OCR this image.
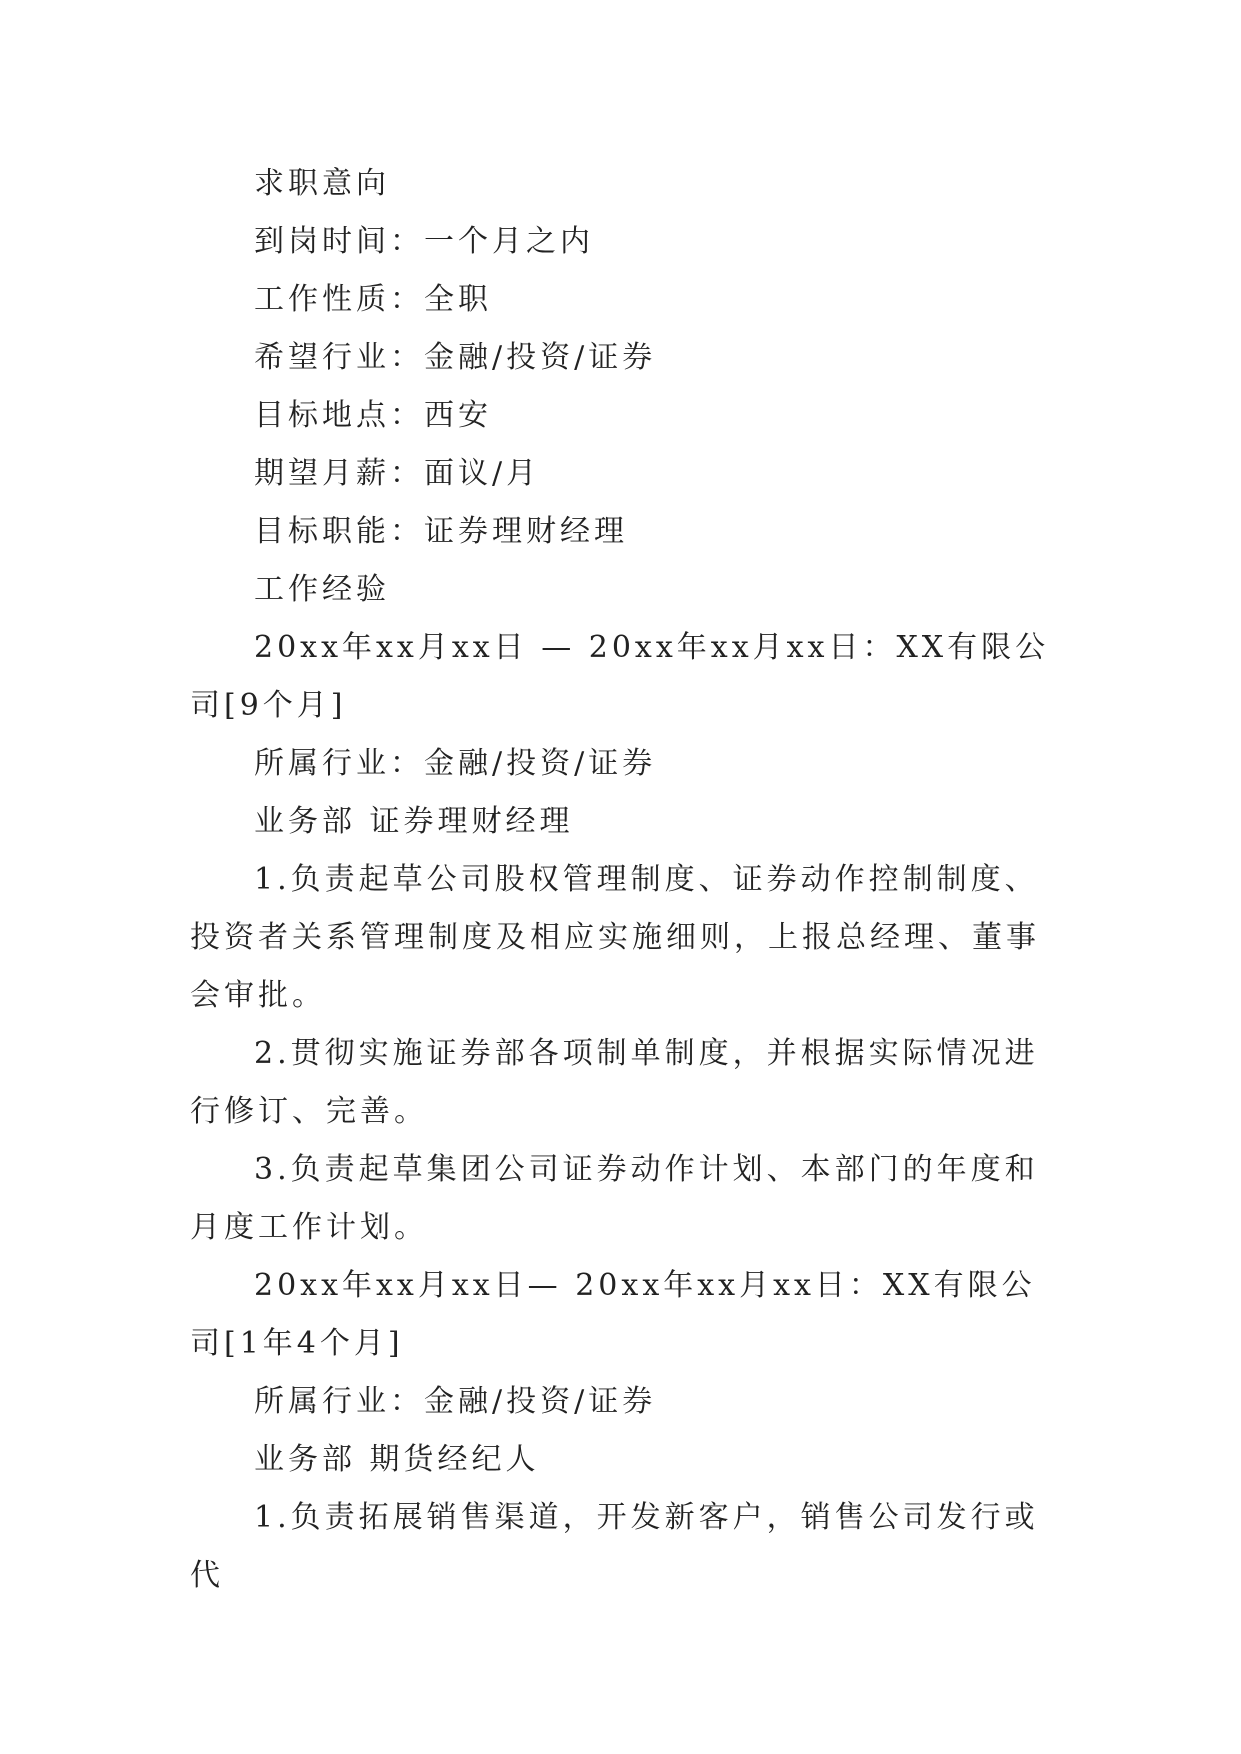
求职意向

到岗时间：一个月之内

工作性质：全职

希望行业：金融/投资/证券

目标地点：西安

期望月薪：面议/月

目标职能：证券理财经理

工作经验

20xx年xx月xx日 — 20xx年xx月xx日：XX有限公司[9个月]

所属行业：金融/投资/证券

业务部 证券理财经理

1.负责起草公司股权管理制度、证券动作控制制度、投资者关系管理制度及相应实施细则，上报总经理、董事会审批。

2.贯彻实施证券部各项制单制度，并根据实际情况进行修订、完善。

3.负责起草集团公司证券动作计划、本部门的年度和月度工作计划。

20xx年xx月xx日— 20xx年xx月xx日：XX有限公司[1年4个月]

所属行业：金融/投资/证券

业务部 期货经纪人

1.负责拓展销售渠道，开发新客户，销售公司发行或代
